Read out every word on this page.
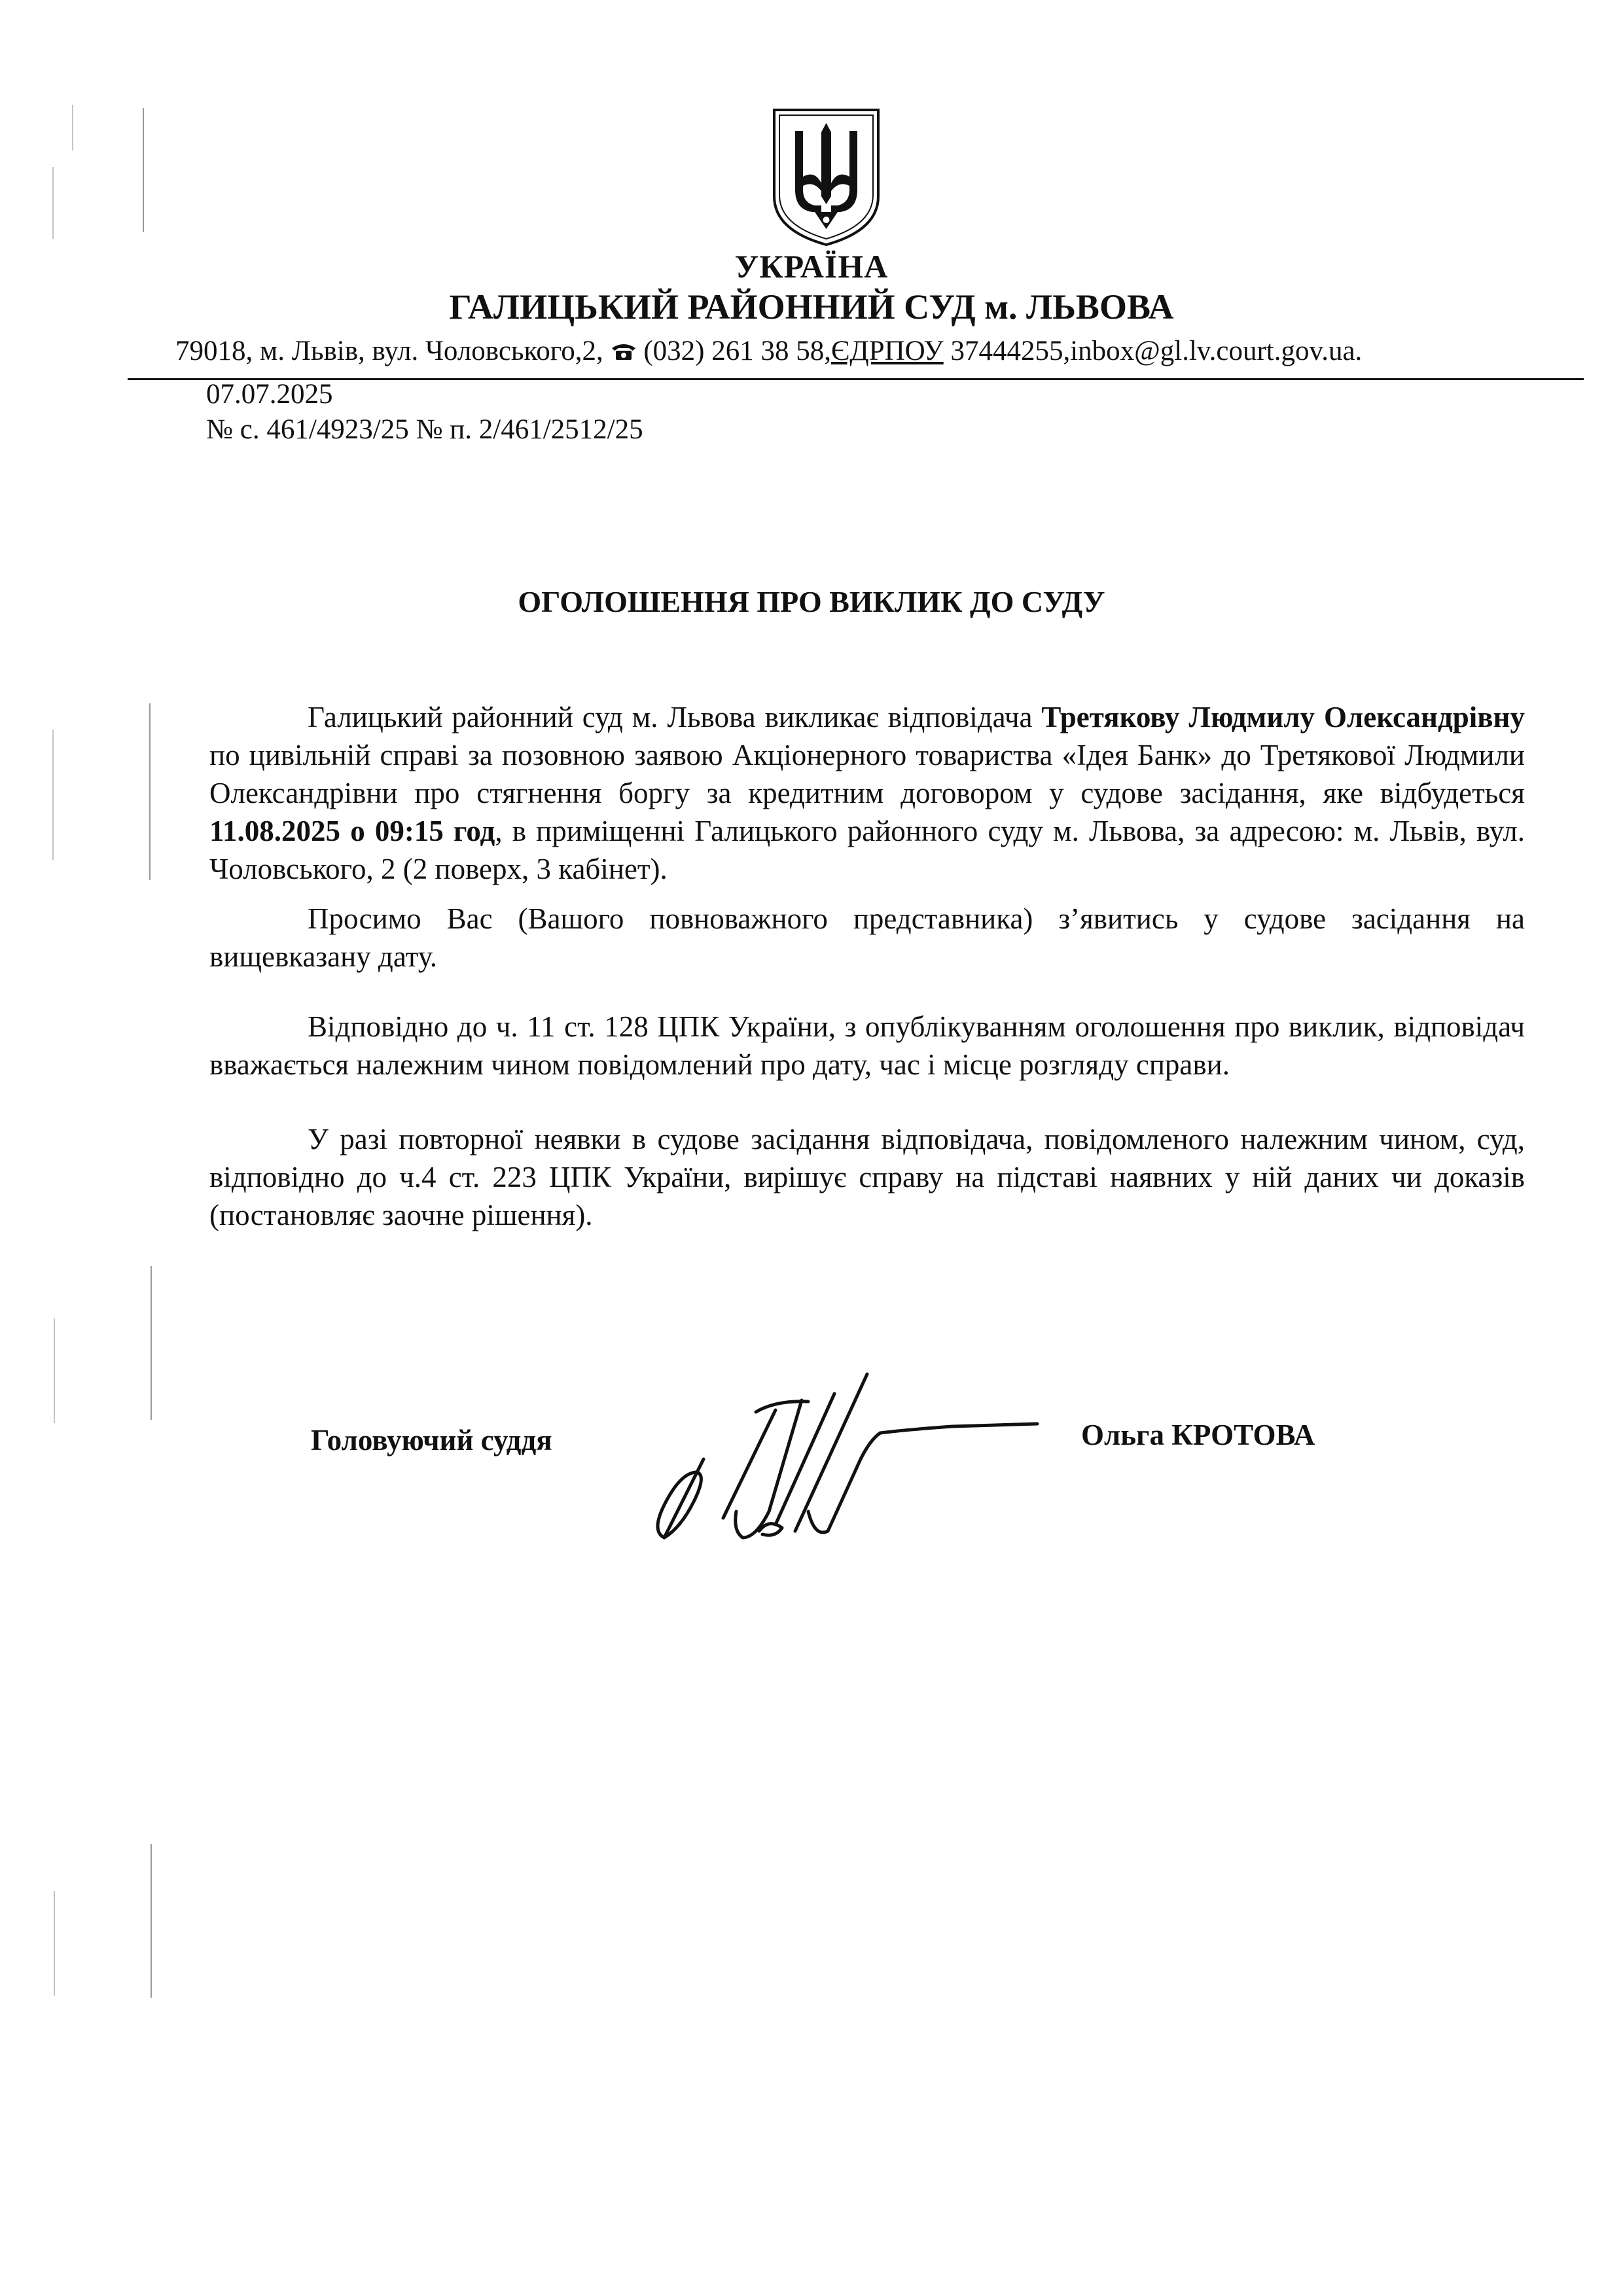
УКРАЇНА
ГАЛИЦЬКИЙ РАЙОННИЙ СУД м. ЛЬВОВА
79018, м. Львів, вул. Чоловського,2, (032) 261 38 58,ЄДРПОУ 37444255,inbox@gl.lv.court.gov.ua.
07.07.2025
№ с. 461/4923/25 № п. 2/461/2512/25
ОГОЛОШЕННЯ ПРО ВИКЛИК ДО СУДУ
Галицький районний суд м. Львова викликає відповідача Третякову Людмилу Олександрівну по цивільній справі за позовною заявою Акціонерного товариства «Ідея Банк» до Третякової Людмили Олександрівни про стягнення боргу за кредитним договором у судове засідання, яке відбудеться 11.08.2025 о 09:15 год, в приміщенні Галицького районного суду м. Львова, за адресою: м. Львів, вул. Чоловського, 2 (2 поверх, 3 кабінет).
Просимо Вас (Вашого повноважного представника) з’явитись у судове засідання на вищевказану дату.
Відповідно до ч. 11 ст. 128 ЦПК України, з опублікуванням оголошення про виклик, відповідач вважається належним чином повідомлений про дату, час і місце розгляду справи.
У разі повторної неявки в судове засідання відповідача, повідомленого належним чином, суд, відповідно до ч.4 ст. 223 ЦПК України, вирішує справу на підставі наявних у ній даних чи доказів (постановляє заочне рішення).
Головуючий суддя	Ольга КРОТОВА
